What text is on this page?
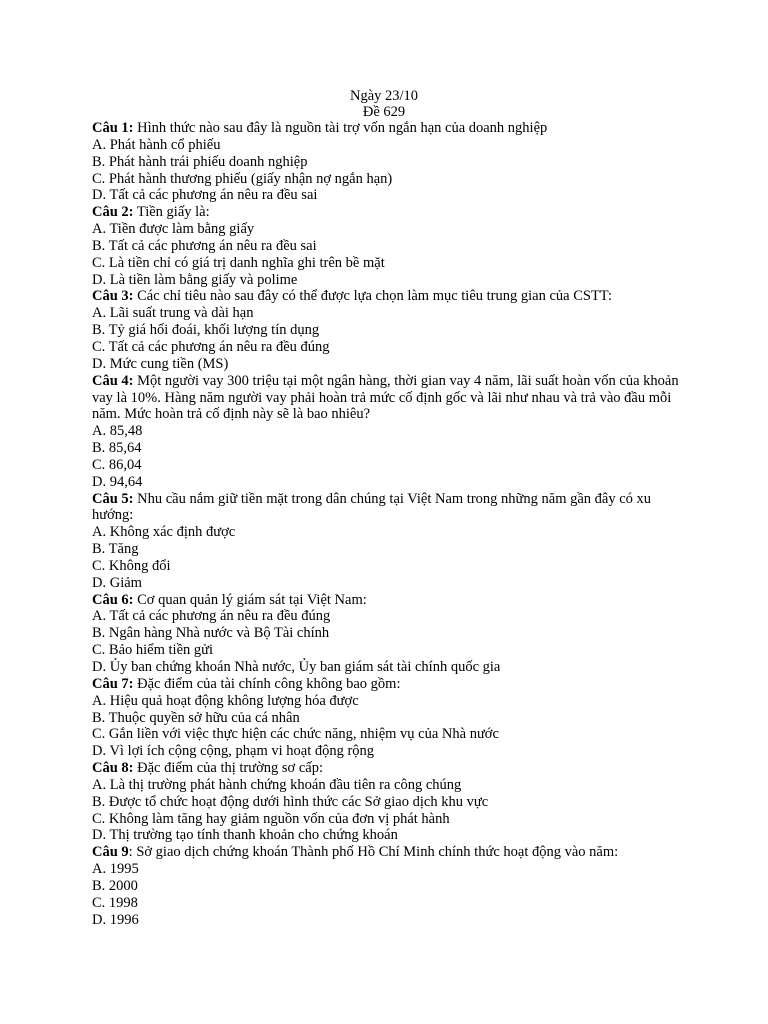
Ngày 23/10
Đề 629
Câu 1: Hình thức nào sau đây là nguồn tài trợ vốn ngắn hạn của doanh nghiệp
A. Phát hành cổ phiếu
B. Phát hành trái phiếu doanh nghiệp
C. Phát hành thương phiếu (giấy nhận nợ ngắn hạn)
D. Tất cả các phương án nêu ra đều sai
Câu 2: Tiền giấy là:
A. Tiền được làm bằng giấy
B. Tất cả các phương án nêu ra đều sai
C. Là tiền chỉ có giá trị danh nghĩa ghi trên bề mặt
D. Là tiền làm bằng giấy và polime
Câu 3: Các chỉ tiêu nào sau đây có thể được lựa chọn làm mục tiêu trung gian của CSTT:
A. Lãi suất trung và dài hạn
B. Tỷ giá hối đoái, khối lượng tín dụng
C. Tất cả các phương án nêu ra đều đúng
D. Mức cung tiền (MS)
Câu 4: Một người vay 300 triệu tại một ngân hàng, thời gian vay 4 năm, lãi suất hoàn vốn của khoản vay là 10%. Hàng năm người vay phải hoàn trả mức cố định gốc và lãi như nhau và trả vào đầu mỗi năm. Mức hoàn trả cố định này sẽ là bao nhiêu?
A. 85,48
B. 85,64
C. 86,04
D. 94,64
Câu 5: Nhu cầu nắm giữ tiền mặt trong dân chúng tại Việt Nam trong những năm gần đây có xu hướng:
A. Không xác định được
B. Tăng
C. Không đổi
D. Giảm
Câu 6: Cơ quan quản lý giám sát tại Việt Nam:
A. Tất cả các phương án nêu ra đều đúng
B. Ngân hàng Nhà nước và Bộ Tài chính
C. Bảo hiểm tiền gửi
D. Ủy ban chứng khoán Nhà nước, Ủy ban giám sát tài chính quốc gia
Câu 7: Đặc điểm của tài chính công không bao gồm:
A. Hiệu quả hoạt động không lượng hóa được
B. Thuộc quyền sở hữu của cá nhân
C. Gắn liền với việc thực hiện các chức năng, nhiệm vụ của Nhà nước
D. Vì lợi ích cộng cộng, phạm vi hoạt động rộng
Câu 8: Đặc điểm của thị trường sơ cấp:
A. Là thị trường phát hành chứng khoán đầu tiên ra công chúng
B. Được tổ chức hoạt động dưới hình thức các Sở giao dịch khu vực
C. Không làm tăng hay giảm nguồn vốn của đơn vị phát hành
D. Thị trường tạo tính thanh khoản cho chứng khoán
Câu 9: Sở giao dịch chứng khoán Thành phố Hồ Chí Minh chính thức hoạt động vào năm:
A. 1995
B. 2000
C. 1998
D. 1996
